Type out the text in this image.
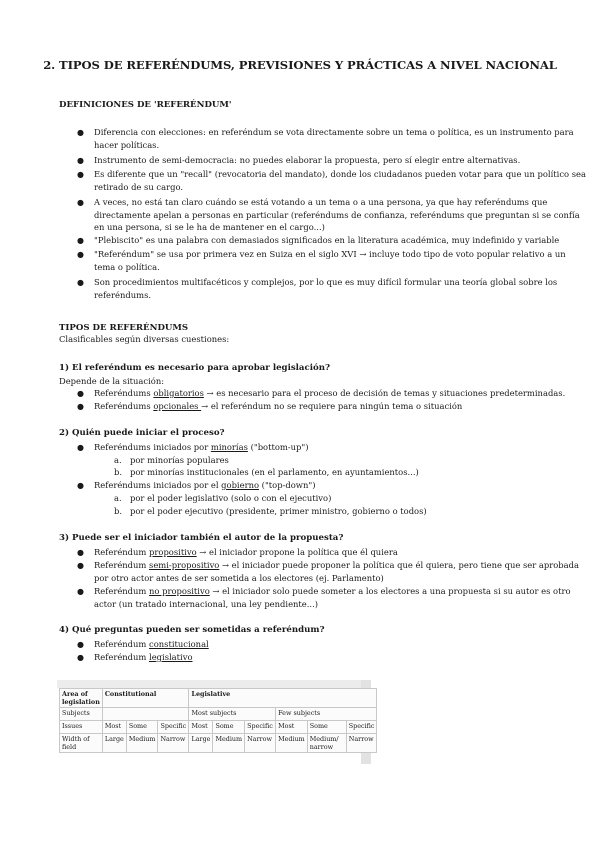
2. TIPOS DE REFERÉNDUMS, PREVISIONES Y PRÁCTICAS A NIVEL NACIONAL
DEFINICIONES DE 'REFERÉNDUM'
● Diferencia con elecciones: en referéndum se vota directamente sobre un tema o política, es un instrumento para
hacer políticas.
● Instrumento de semi-democracia: no puedes elaborar la propuesta, pero sí elegir entre alternativas.
● Es diferente que un "recall" (revocatoria del mandato), donde los ciudadanos pueden votar para que un político sea
retirado de su cargo.
● A veces, no está tan claro cuándo se está votando a un tema o a una persona, ya que hay referéndums que
directamente apelan a personas en particular (referéndums de confianza, referéndums que preguntan si se confía
en una persona, si se le ha de mantener en el cargo...)
● "Plebiscito" es una palabra con demasiados significados en la literatura académica, muy indefinido y variable
● "Referéndum" se usa por primera vez en Suiza en el siglo XVI → incluye todo tipo de voto popular relativo a un
tema o política.
● Son procedimientos multifacéticos y complejos, por lo que es muy difícil formular una teoría global sobre los
referéndums.
TIPOS DE REFERÉNDUMS
Clasificables según diversas cuestiones:
1) El referéndum es necesario para aprobar legislación?
Depende de la situación:
● Referéndums obligatorios → es necesario para el proceso de decisión de temas y situaciones predeterminadas.
● Referéndums opcionales → el referéndum no se requiere para ningún tema o situación
2) Quién puede iniciar el proceso?
● Referéndums iniciados por minorías ("bottom-up")
a. por minorías populares
b. por minorías institucionales (en el parlamento, en ayuntamientos...)
● Referéndums iniciados por el gobierno ("top-down")
a. por el poder legislativo (solo o con el ejecutivo)
b. por el poder ejecutivo (presidente, primer ministro, gobierno o todos)
3) Puede ser el iniciador también el autor de la propuesta?
● Referéndum propositivo → el iniciador propone la política que él quiera
● Referéndum semi-propositivo → el iniciador puede proponer la política que él quiera, pero tiene que ser aprobada
por otro actor antes de ser sometida a los electores (ej. Parlamento)
● Referéndum no propositivo → el iniciador solo puede someter a los electores a una propuesta si su autor es otro
actor (un tratado internacional, una ley pendiente...)
4) Qué preguntas pueden ser sometidas a referéndum?
● Referéndum constitucional
● Referéndum legislativo
Area of legislation	Constitutional			Legislative					
Subjects				Most subjects			Few subjects		
Issues	Most	Some	Specific	Most	Some	Specific	Most	Some	Specific
Width of field	Large	Medium	Narrow	Large	Medium	Narrow	Medium	Medium/ narrow	Narrow
